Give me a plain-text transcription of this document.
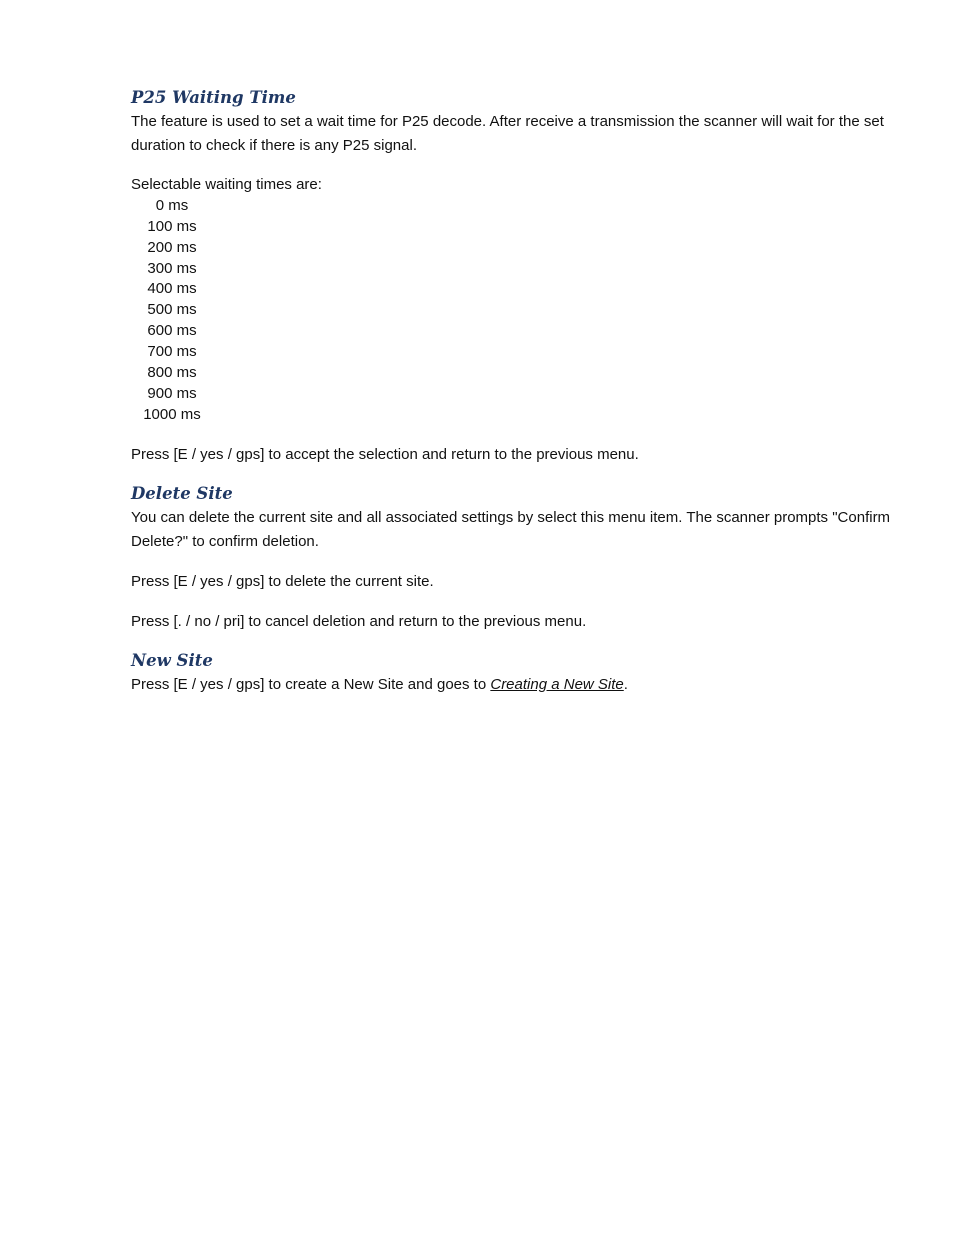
P25 Waiting Time

The feature is used to set a wait time for P25 decode. After receive a transmission the scanner will wait for the set duration to check if there is any P25 signal.

Selectable waiting times are:

0 ms
100 ms
200 ms
300 ms
400 ms
500 ms
600 ms
700 ms
800 ms
900 ms
1000 ms

Press [E / yes / gps] to accept the selection and return to the previous menu.

Delete Site

You can delete the current site and all associated settings by select this menu item. The scanner prompts "Confirm Delete?" to confirm deletion.

Press [E / yes / gps] to delete the current site.

Press [. / no / pri] to cancel deletion and return to the previous menu.

New Site

Press [E / yes / gps] to create a New Site and goes to Creating a New Site.
